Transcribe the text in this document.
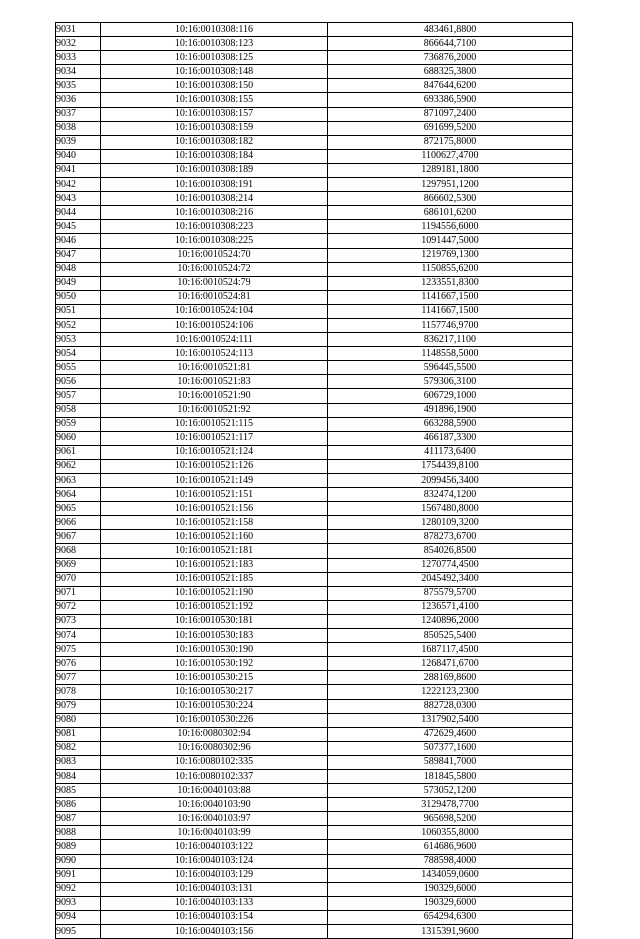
9031	10:16:0010308:116	483461,8800
9032	10:16:0010308:123	866644,7100
9033	10:16:0010308:125	736876,2000
9034	10:16:0010308:148	688325,3800
9035	10:16:0010308:150	847644,6200
9036	10:16:0010308:155	693386,5900
9037	10:16:0010308:157	871097,2400
9038	10:16:0010308:159	691699,5200
9039	10:16:0010308:182	872175,8000
9040	10:16:0010308:184	1100627,4700
9041	10:16:0010308:189	1289181,1800
9042	10:16:0010308:191	1297951,1200
9043	10:16:0010308:214	866602,5300
9044	10:16:0010308:216	686101,6200
9045	10:16:0010308:223	1194556,6000
9046	10:16:0010308:225	1091447,5000
9047	10:16:0010524:70	1219769,1300
9048	10:16:0010524:72	1150855,6200
9049	10:16:0010524:79	1233551,8300
9050	10:16:0010524:81	1141667,1500
9051	10:16:0010524:104	1141667,1500
9052	10:16:0010524:106	1157746,9700
9053	10:16:0010524:111	836217,1100
9054	10:16:0010524:113	1148558,5000
9055	10:16:0010521:81	596445,5500
9056	10:16:0010521:83	579306,3100
9057	10:16:0010521:90	606729,1000
9058	10:16:0010521:92	491896,1900
9059	10:16:0010521:115	663288,5900
9060	10:16:0010521:117	466187,3300
9061	10:16:0010521:124	411173,6400
9062	10:16:0010521:126	1754439,8100
9063	10:16:0010521:149	2099456,3400
9064	10:16:0010521:151	832474,1200
9065	10:16:0010521:156	1567480,8000
9066	10:16:0010521:158	1280109,3200
9067	10:16:0010521:160	878273,6700
9068	10:16:0010521:181	854026,8500
9069	10:16:0010521:183	1270774,4500
9070	10:16:0010521:185	2045492,3400
9071	10:16:0010521:190	875579,5700
9072	10:16:0010521:192	1236571,4100
9073	10:16:0010530:181	1240896,2000
9074	10:16:0010530:183	850525,5400
9075	10:16:0010530:190	1687117,4500
9076	10:16:0010530:192	1268471,6700
9077	10:16:0010530:215	288169,8600
9078	10:16:0010530:217	1222123,2300
9079	10:16:0010530:224	882728,0300
9080	10:16:0010530:226	1317902,5400
9081	10:16:0080302:94	472629,4600
9082	10:16:0080302:96	507377,1600
9083	10:16:0080102:335	589841,7000
9084	10:16:0080102:337	181845,5800
9085	10:16:0040103:88	573052,1200
9086	10:16:0040103:90	3129478,7700
9087	10:16:0040103:97	965698,5200
9088	10:16:0040103:99	1060355,8000
9089	10:16:0040103:122	614686,9600
9090	10:16:0040103:124	788598,4000
9091	10:16:0040103:129	1434059,0600
9092	10:16:0040103:131	190329,6000
9093	10:16:0040103:133	190329,6000
9094	10:16:0040103:154	654294,6300
9095	10:16:0040103:156	1315391,9600
